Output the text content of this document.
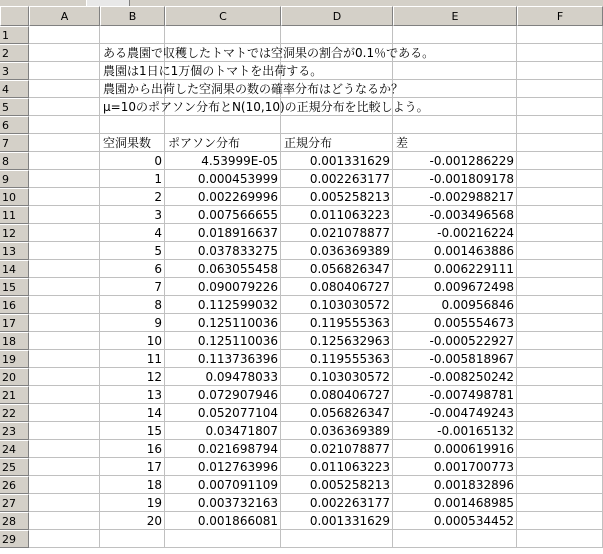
A	B	C	D	E	F
1
2
3
4
5
6
7
8
9
10
11
12
13
14
15
16
17
18
19
20
21
22
23
24
25
26
27
28
29
ある農園で収穫したトマトでは空洞果の割合が0.1％である。
農園は1日に1万個のトマトを出荷する。
農園から出荷した空洞果の数の確率分布はどうなるか？
μ=10のポアソン分布とN(10,10)の正規分布を比較しよう。
空洞果数	ポアソン分布	正規分布	差
0	4.53999E-05	0.001331629	-0.001286229
1	0.000453999	0.002263177	-0.001809178
2	0.002269996	0.005258213	-0.002988217
3	0.007566655	0.011063223	-0.003496568
4	0.018916637	0.021078877	-0.00216224
5	0.037833275	0.036369389	0.001463886
6	0.063055458	0.056826347	0.006229111
7	0.090079226	0.080406727	0.009672498
8	0.112599032	0.103030572	0.00956846
9	0.125110036	0.119555363	0.005554673
10	0.125110036	0.125632963	-0.000522927
11	0.113736396	0.119555363	-0.005818967
12	0.09478033	0.103030572	-0.008250242
13	0.072907946	0.080406727	-0.007498781
14	0.052077104	0.056826347	-0.004749243
15	0.03471807	0.036369389	-0.00165132
16	0.021698794	0.021078877	0.000619916
17	0.012763996	0.011063223	0.001700773
18	0.007091109	0.005258213	0.001832896
19	0.003732163	0.002263177	0.001468985
20	0.001866081	0.001331629	0.000534452
